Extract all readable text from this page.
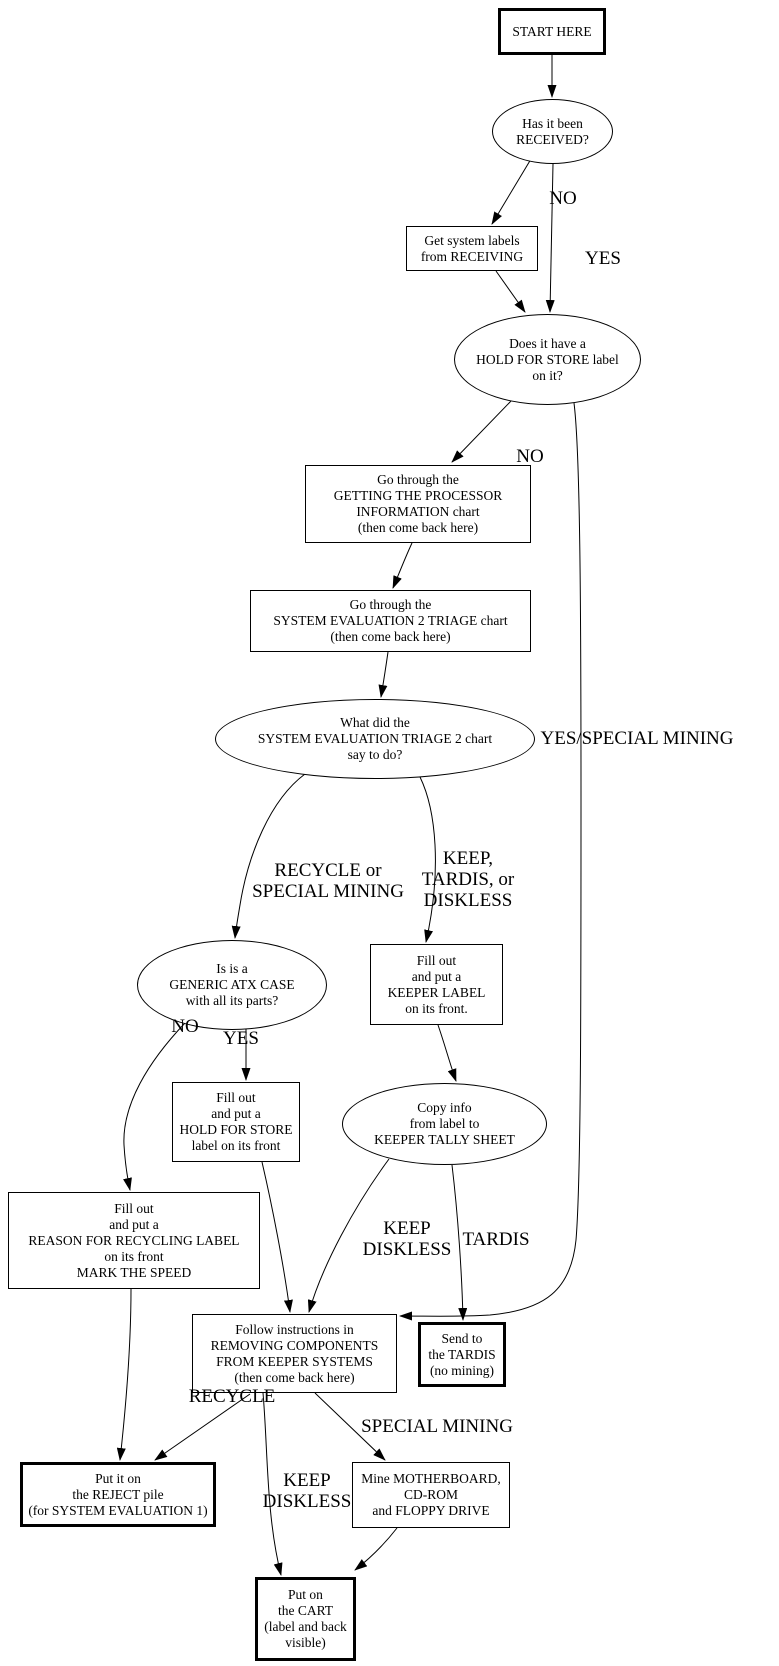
START HERE
Has it been
RECEIVED?
Get system labels
from RECEIVING
Does it have a
HOLD FOR STORE label
on it?
Go through the
GETTING THE PROCESSOR
INFORMATION chart
(then come back here)
Go through the
SYSTEM EVALUATION 2 TRIAGE chart
(then come back here)
What did the
SYSTEM EVALUATION TRIAGE 2 chart
say to do?
Is is a
GENERIC ATX CASE
with all its parts?
Fill out
and put a
KEEPER LABEL
on its front.
Fill out
and put a
HOLD FOR STORE
label on its front
Copy info
from label to
KEEPER TALLY SHEET
Fill out
and put a
REASON FOR RECYCLING LABEL
on its front
MARK THE SPEED
Follow instructions in
REMOVING COMPONENTS
FROM KEEPER SYSTEMS
(then come back here)
Send to
the TARDIS
(no mining)
Put it on
the REJECT pile
(for SYSTEM EVALUATION 1)
Mine MOTHERBOARD,
CD-ROM
and FLOPPY DRIVE
Put on
the CART
(label and back
visible)
NO
YES
NO
YES/SPECIAL MINING
RECYCLE or
SPECIAL MINING
KEEP,
TARDIS, or
DISKLESS
NO
YES
KEEP
DISKLESS TARDIS
RECYCLE
SPECIAL MINING
KEEP
DISKLESS
